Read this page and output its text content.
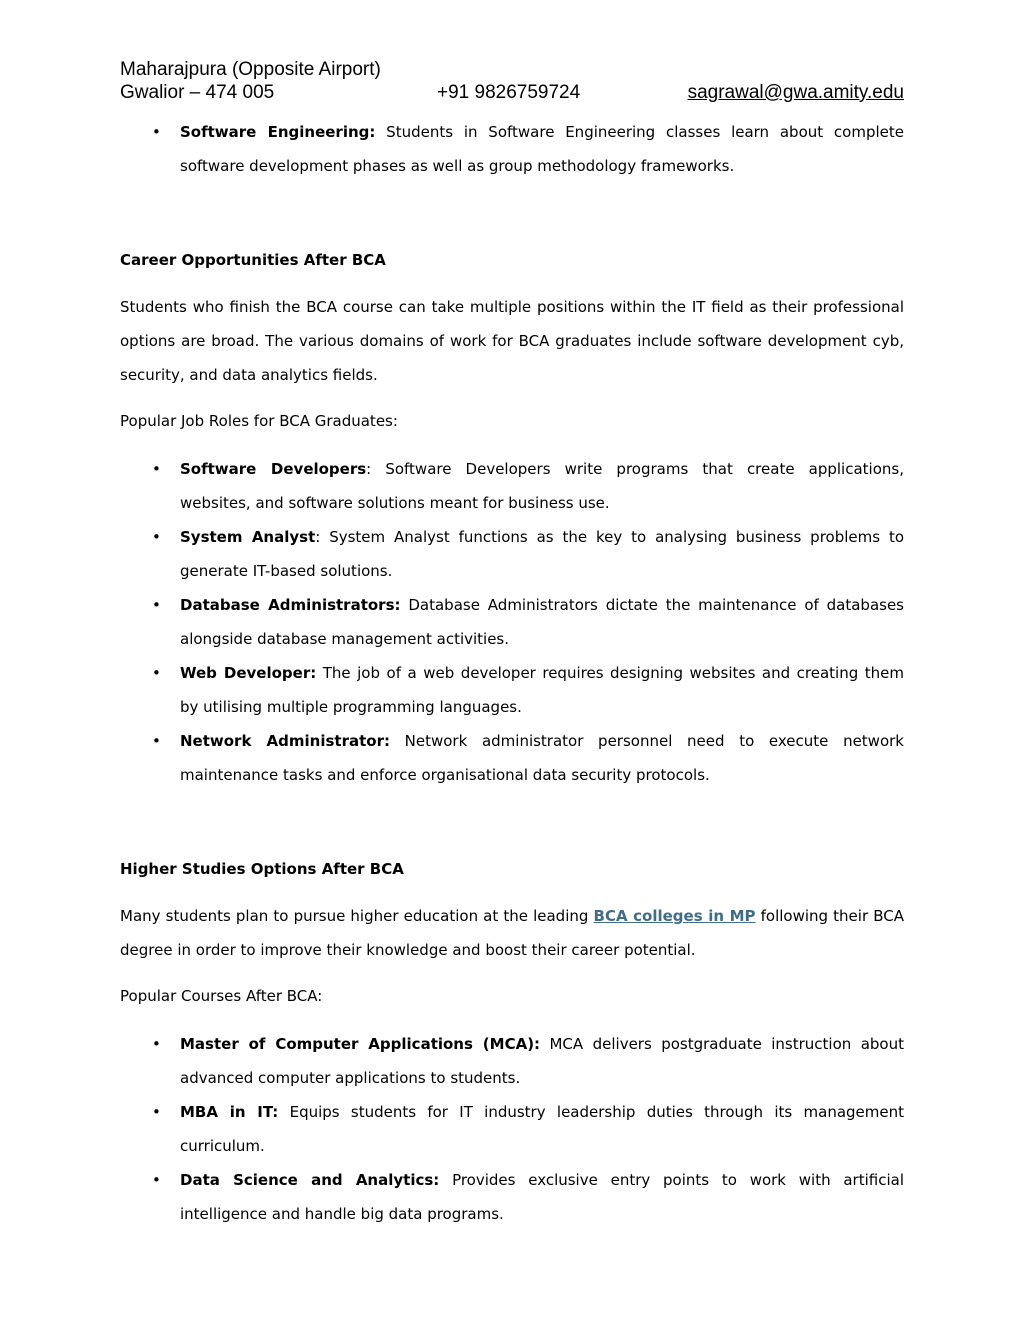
Maharajpura (Opposite Airport)
Gwalior – 474 005	+91 9826759724	sagrawal@gwa.amity.edu
• Software Engineering: Students in Software Engineering classes learn about complete software development phases as well as group methodology frameworks.

Career Opportunities After BCA

Students who finish the BCA course can take multiple positions within the IT field as their professional options are broad. The various domains of work for BCA graduates include software development cyb, security, and data analytics fields.

Popular Job Roles for BCA Graduates:

• Software Developers: Software Developers write programs that create applications, websites, and software solutions meant for business use.
• System Analyst: System Analyst functions as the key to analysing business problems to generate IT-based solutions.
• Database Administrators: Database Administrators dictate the maintenance of databases alongside database management activities.
• Web Developer: The job of a web developer requires designing websites and creating them by utilising multiple programming languages.
• Network Administrator: Network administrator personnel need to execute network maintenance tasks and enforce organisational data security protocols.

Higher Studies Options After BCA

Many students plan to pursue higher education at the leading BCA colleges in MP following their BCA degree in order to improve their knowledge and boost their career potential.

Popular Courses After BCA:

• Master of Computer Applications (MCA): MCA delivers postgraduate instruction about advanced computer applications to students.
• MBA in IT: Equips students for IT industry leadership duties through its management curriculum.
• Data Science and Analytics: Provides exclusive entry points to work with artificial intelligence and handle big data programs.
